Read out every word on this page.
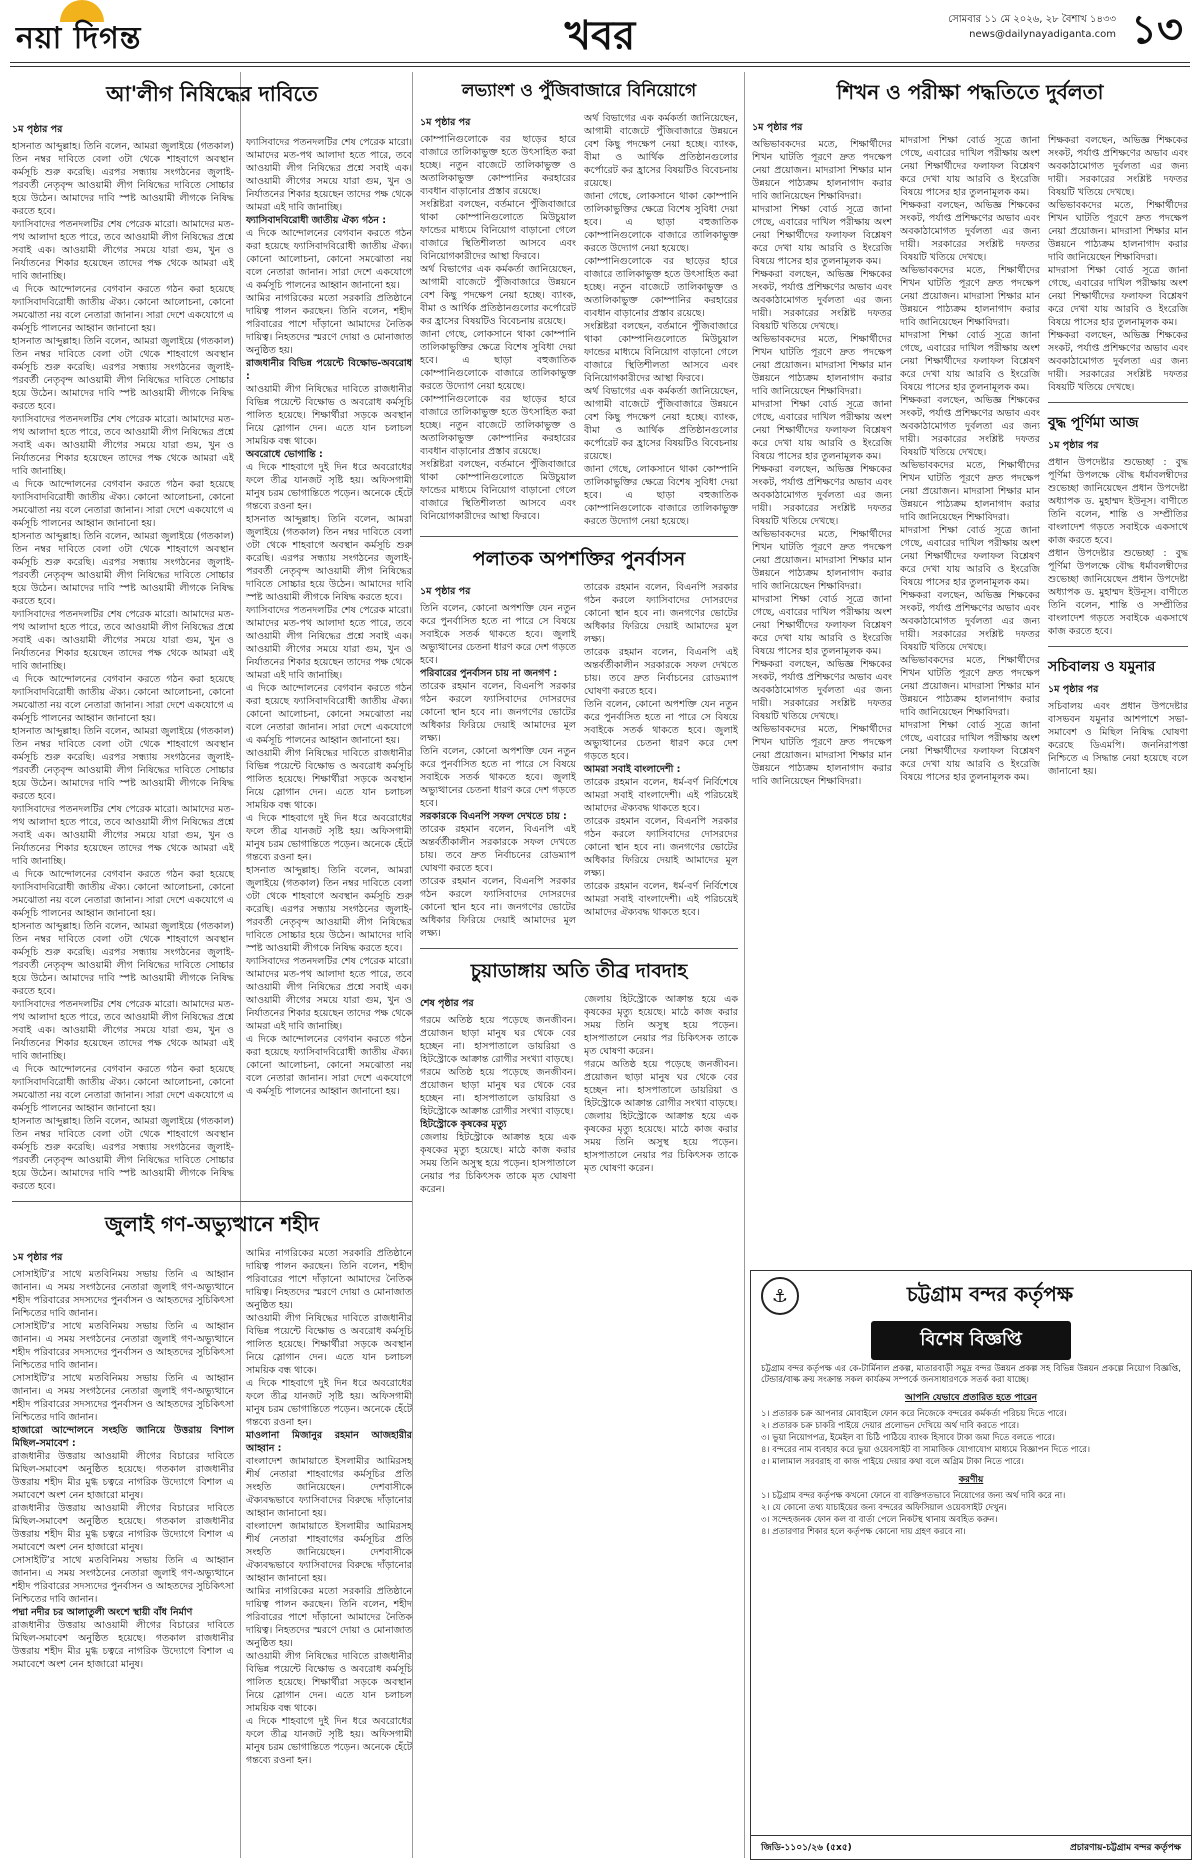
নয়া দিগন্ত	খবর	সোমবার ১১ মে ২০২৬, ২৮ বৈশাখ ১৪৩৩
news@dailynayadiganta.com ১৩
আ'লীগ নিষিদ্ধের দাবিতে
১ম পৃষ্ঠার পর

হাসনাত আব্দুল্লাহ। তিনি বলেন, আমরা জুলাইয়ে (গতকাল) তিন নম্বর দাবিতে বেলা ৩টা থেকে শাহবাগে অবস্থান কর্মসূচি শুরু করেছি। এরপর সন্ধ্যায় সংগঠনের জুলাই-পরবর্তী নেতৃবৃন্দ আওয়ামী লীগ নিষিদ্ধের দাবিতে সোচ্চার হয়ে উঠেন। আমাদের দাবি স্পষ্ট আওয়ামী লীগকে নিষিদ্ধ করতে হবে।

ফ্যাসিবাদের পতনদলটির শেষ পেরেক মারো। আমাদের মত-পথ আলাদা হতে পারে, তবে আওয়ামী লীগ নিষিদ্ধের প্রশ্নে সবাই এক। আওয়ামী লীগের সময়ে যারা গুম, খুন ও নির্যাতনের শিকার হয়েছেন তাদের পক্ষ থেকে আমরা এই দাবি জানাচ্ছি।

এ দিকে আন্দোলনের বেগবান করতে গঠন করা হয়েছে ফ্যাসিবাদবিরোধী জাতীয় ঐক্য। কোনো আলোচনা, কোনো সমঝোতা নয় বলে নেতারা জানান। সারা দেশে একযোগে এ কর্মসূচি পালনের আহ্বান জানানো হয়।

হাসনাত আব্দুল্লাহ। তিনি বলেন, আমরা জুলাইয়ে (গতকাল) তিন নম্বর দাবিতে বেলা ৩টা থেকে শাহবাগে অবস্থান কর্মসূচি শুরু করেছি। এরপর সন্ধ্যায় সংগঠনের জুলাই-পরবর্তী নেতৃবৃন্দ আওয়ামী লীগ নিষিদ্ধের দাবিতে সোচ্চার হয়ে উঠেন। আমাদের দাবি স্পষ্ট আওয়ামী লীগকে নিষিদ্ধ করতে হবে।

ফ্যাসিবাদের পতনদলটির শেষ পেরেক মারো। আমাদের মত-পথ আলাদা হতে পারে, তবে আওয়ামী লীগ নিষিদ্ধের প্রশ্নে সবাই এক। আওয়ামী লীগের সময়ে যারা গুম, খুন ও নির্যাতনের শিকার হয়েছেন তাদের পক্ষ থেকে আমরা এই দাবি জানাচ্ছি।

এ দিকে আন্দোলনের বেগবান করতে গঠন করা হয়েছে ফ্যাসিবাদবিরোধী জাতীয় ঐক্য। কোনো আলোচনা, কোনো সমঝোতা নয় বলে নেতারা জানান। সারা দেশে একযোগে এ কর্মসূচি পালনের আহ্বান জানানো হয়।

হাসনাত আব্দুল্লাহ। তিনি বলেন, আমরা জুলাইয়ে (গতকাল) তিন নম্বর দাবিতে বেলা ৩টা থেকে শাহবাগে অবস্থান কর্মসূচি শুরু করেছি। এরপর সন্ধ্যায় সংগঠনের জুলাই-পরবর্তী নেতৃবৃন্দ আওয়ামী লীগ নিষিদ্ধের দাবিতে সোচ্চার হয়ে উঠেন। আমাদের দাবি স্পষ্ট আওয়ামী লীগকে নিষিদ্ধ করতে হবে।

ফ্যাসিবাদের পতনদলটির শেষ পেরেক মারো। আমাদের মত-পথ আলাদা হতে পারে, তবে আওয়ামী লীগ নিষিদ্ধের প্রশ্নে সবাই এক। আওয়ামী লীগের সময়ে যারা গুম, খুন ও নির্যাতনের শিকার হয়েছেন তাদের পক্ষ থেকে আমরা এই দাবি জানাচ্ছি।

এ দিকে আন্দোলনের বেগবান করতে গঠন করা হয়েছে ফ্যাসিবাদবিরোধী জাতীয় ঐক্য। কোনো আলোচনা, কোনো সমঝোতা নয় বলে নেতারা জানান। সারা দেশে একযোগে এ কর্মসূচি পালনের আহ্বান জানানো হয়।

হাসনাত আব্দুল্লাহ। তিনি বলেন, আমরা জুলাইয়ে (গতকাল) তিন নম্বর দাবিতে বেলা ৩টা থেকে শাহবাগে অবস্থান কর্মসূচি শুরু করেছি। এরপর সন্ধ্যায় সংগঠনের জুলাই-পরবর্তী নেতৃবৃন্দ আওয়ামী লীগ নিষিদ্ধের দাবিতে সোচ্চার হয়ে উঠেন। আমাদের দাবি স্পষ্ট আওয়ামী লীগকে নিষিদ্ধ করতে হবে।

ফ্যাসিবাদের পতনদলটির শেষ পেরেক মারো। আমাদের মত-পথ আলাদা হতে পারে, তবে আওয়ামী লীগ নিষিদ্ধের প্রশ্নে সবাই এক। আওয়ামী লীগের সময়ে যারা গুম, খুন ও নির্যাতনের শিকার হয়েছেন তাদের পক্ষ থেকে আমরা এই দাবি জানাচ্ছি।

এ দিকে আন্দোলনের বেগবান করতে গঠন করা হয়েছে ফ্যাসিবাদবিরোধী জাতীয় ঐক্য। কোনো আলোচনা, কোনো সমঝোতা নয় বলে নেতারা জানান। সারা দেশে একযোগে এ কর্মসূচি পালনের আহ্বান জানানো হয়।

হাসনাত আব্দুল্লাহ। তিনি বলেন, আমরা জুলাইয়ে (গতকাল) তিন নম্বর দাবিতে বেলা ৩টা থেকে শাহবাগে অবস্থান কর্মসূচি শুরু করেছি। এরপর সন্ধ্যায় সংগঠনের জুলাই-পরবর্তী নেতৃবৃন্দ আওয়ামী লীগ নিষিদ্ধের দাবিতে সোচ্চার হয়ে উঠেন। আমাদের দাবি স্পষ্ট আওয়ামী লীগকে নিষিদ্ধ করতে হবে।

ফ্যাসিবাদের পতনদলটির শেষ পেরেক মারো। আমাদের মত-পথ আলাদা হতে পারে, তবে আওয়ামী লীগ নিষিদ্ধের প্রশ্নে সবাই এক। আওয়ামী লীগের সময়ে যারা গুম, খুন ও নির্যাতনের শিকার হয়েছেন তাদের পক্ষ থেকে আমরা এই দাবি জানাচ্ছি।

এ দিকে আন্দোলনের বেগবান করতে গঠন করা হয়েছে ফ্যাসিবাদবিরোধী জাতীয় ঐক্য। কোনো আলোচনা, কোনো সমঝোতা নয় বলে নেতারা জানান। সারা দেশে একযোগে এ কর্মসূচি পালনের আহ্বান জানানো হয়।

হাসনাত আব্দুল্লাহ। তিনি বলেন, আমরা জুলাইয়ে (গতকাল) তিন নম্বর দাবিতে বেলা ৩টা থেকে শাহবাগে অবস্থান কর্মসূচি শুরু করেছি। এরপর সন্ধ্যায় সংগঠনের জুলাই-পরবর্তী নেতৃবৃন্দ আওয়ামী লীগ নিষিদ্ধের দাবিতে সোচ্চার হয়ে উঠেন। আমাদের দাবি স্পষ্ট আওয়ামী লীগকে নিষিদ্ধ করতে হবে।

ফ্যাসিবাদের পতনদলটির শেষ পেরেক মারো। আমাদের মত-পথ আলাদা হতে পারে, তবে আওয়ামী লীগ নিষিদ্ধের প্রশ্নে সবাই এক। আওয়ামী লীগের সময়ে যারা গুম, খুন ও নির্যাতনের শিকার হয়েছেন তাদের পক্ষ থেকে আমরা এই দাবি জানাচ্ছি।

ফ্যাসিবাদবিরোধী জাতীয় ঐক্য গঠন :

এ দিকে আন্দোলনের বেগবান করতে গঠন করা হয়েছে ফ্যাসিবাদবিরোধী জাতীয় ঐক্য। কোনো আলোচনা, কোনো সমঝোতা নয় বলে নেতারা জানান। সারা দেশে একযোগে এ কর্মসূচি পালনের আহ্বান জানানো হয়।

আমির নাগরিকের মতো সরকারি প্রতিষ্ঠানে দায়িত্ব পালন করছেন। তিনি বলেন, শহীদ পরিবারের পাশে দাঁড়ানো আমাদের নৈতিক দায়িত্ব। নিহতদের স্মরণে দোয়া ও মোনাজাত অনুষ্ঠিত হয়।

রাজধানীর বিভিন্ন পয়েন্টে বিক্ষোভ-অবরোধ :

আওয়ামী লীগ নিষিদ্ধের দাবিতে রাজধানীর বিভিন্ন পয়েন্টে বিক্ষোভ ও অবরোধ কর্মসূচি পালিত হয়েছে। শিক্ষার্থীরা সড়কে অবস্থান নিয়ে স্লোগান দেন। এতে যান চলাচল সাময়িক বন্ধ থাকে।

অবরোধে ভোগান্তি :

এ দিকে শাহবাগে দুই দিন ধরে অবরোধের ফলে তীব্র যানজট সৃষ্টি হয়। অফিসগামী মানুষ চরম ভোগান্তিতে পড়েন। অনেকে হেঁটে গন্তব্যে রওনা হন।

হাসনাত আব্দুল্লাহ। তিনি বলেন, আমরা জুলাইয়ে (গতকাল) তিন নম্বর দাবিতে বেলা ৩টা থেকে শাহবাগে অবস্থান কর্মসূচি শুরু করেছি। এরপর সন্ধ্যায় সংগঠনের জুলাই-পরবর্তী নেতৃবৃন্দ আওয়ামী লীগ নিষিদ্ধের দাবিতে সোচ্চার হয়ে উঠেন। আমাদের দাবি স্পষ্ট আওয়ামী লীগকে নিষিদ্ধ করতে হবে।

ফ্যাসিবাদের পতনদলটির শেষ পেরেক মারো। আমাদের মত-পথ আলাদা হতে পারে, তবে আওয়ামী লীগ নিষিদ্ধের প্রশ্নে সবাই এক। আওয়ামী লীগের সময়ে যারা গুম, খুন ও নির্যাতনের শিকার হয়েছেন তাদের পক্ষ থেকে আমরা এই দাবি জানাচ্ছি।

এ দিকে আন্দোলনের বেগবান করতে গঠন করা হয়েছে ফ্যাসিবাদবিরোধী জাতীয় ঐক্য। কোনো আলোচনা, কোনো সমঝোতা নয় বলে নেতারা জানান। সারা দেশে একযোগে এ কর্মসূচি পালনের আহ্বান জানানো হয়।

আওয়ামী লীগ নিষিদ্ধের দাবিতে রাজধানীর বিভিন্ন পয়েন্টে বিক্ষোভ ও অবরোধ কর্মসূচি পালিত হয়েছে। শিক্ষার্থীরা সড়কে অবস্থান নিয়ে স্লোগান দেন। এতে যান চলাচল সাময়িক বন্ধ থাকে।

এ দিকে শাহবাগে দুই দিন ধরে অবরোধের ফলে তীব্র যানজট সৃষ্টি হয়। অফিসগামী মানুষ চরম ভোগান্তিতে পড়েন। অনেকে হেঁটে গন্তব্যে রওনা হন।

হাসনাত আব্দুল্লাহ। তিনি বলেন, আমরা জুলাইয়ে (গতকাল) তিন নম্বর দাবিতে বেলা ৩টা থেকে শাহবাগে অবস্থান কর্মসূচি শুরু করেছি। এরপর সন্ধ্যায় সংগঠনের জুলাই-পরবর্তী নেতৃবৃন্দ আওয়ামী লীগ নিষিদ্ধের দাবিতে সোচ্চার হয়ে উঠেন। আমাদের দাবি স্পষ্ট আওয়ামী লীগকে নিষিদ্ধ করতে হবে।

ফ্যাসিবাদের পতনদলটির শেষ পেরেক মারো। আমাদের মত-পথ আলাদা হতে পারে, তবে আওয়ামী লীগ নিষিদ্ধের প্রশ্নে সবাই এক। আওয়ামী লীগের সময়ে যারা গুম, খুন ও নির্যাতনের শিকার হয়েছেন তাদের পক্ষ থেকে আমরা এই দাবি জানাচ্ছি।

এ দিকে আন্দোলনের বেগবান করতে গঠন করা হয়েছে ফ্যাসিবাদবিরোধী জাতীয় ঐক্য। কোনো আলোচনা, কোনো সমঝোতা নয় বলে নেতারা জানান। সারা দেশে একযোগে এ কর্মসূচি পালনের আহ্বান জানানো হয়।

জুলাই গণ-অভ্যুত্থানে শহীদ
১ম পৃষ্ঠার পর

সোসাইটি’র সাথে মতবিনিময় সভায় তিনি এ আহ্বান জানান। এ সময় সংগঠনের নেতারা জুলাই গণ-অভ্যুত্থানে শহীদ পরিবারের সদস্যদের পুনর্বাসন ও আহতদের সুচিকিৎসা নিশ্চিতের দাবি জানান।

সোসাইটি’র সাথে মতবিনিময় সভায় তিনি এ আহ্বান জানান। এ সময় সংগঠনের নেতারা জুলাই গণ-অভ্যুত্থানে শহীদ পরিবারের সদস্যদের পুনর্বাসন ও আহতদের সুচিকিৎসা নিশ্চিতের দাবি জানান।

সোসাইটি’র সাথে মতবিনিময় সভায় তিনি এ আহ্বান জানান। এ সময় সংগঠনের নেতারা জুলাই গণ-অভ্যুত্থানে শহীদ পরিবারের সদস্যদের পুনর্বাসন ও আহতদের সুচিকিৎসা নিশ্চিতের দাবি জানান।

হাজারো আন্দোলনে সংহতি জানিয়ে উত্তরায় বিশাল মিছিল-সমাবেশ :

রাজধানীর উত্তরায় আওয়ামী লীগের বিচারের দাবিতে মিছিল-সমাবেশ অনুষ্ঠিত হয়েছে। গতকাল রাজধানীর উত্তরায় শহীদ মীর মুগ্ধ চত্বরে নাগরিক উদ্যোগে বিশাল এ সমাবেশে অংশ নেন হাজারো মানুষ।

রাজধানীর উত্তরায় আওয়ামী লীগের বিচারের দাবিতে মিছিল-সমাবেশ অনুষ্ঠিত হয়েছে। গতকাল রাজধানীর উত্তরায় শহীদ মীর মুগ্ধ চত্বরে নাগরিক উদ্যোগে বিশাল এ সমাবেশে অংশ নেন হাজারো মানুষ।

সোসাইটি’র সাথে মতবিনিময় সভায় তিনি এ আহ্বান জানান। এ সময় সংগঠনের নেতারা জুলাই গণ-অভ্যুত্থানে শহীদ পরিবারের সদস্যদের পুনর্বাসন ও আহতদের সুচিকিৎসা নিশ্চিতের দাবি জানান।

পদ্মা নদীর চর আলাতুলী অংশে স্থায়ী বাঁধ নির্মাণ

রাজধানীর উত্তরায় আওয়ামী লীগের বিচারের দাবিতে মিছিল-সমাবেশ অনুষ্ঠিত হয়েছে। গতকাল রাজধানীর উত্তরায় শহীদ মীর মুগ্ধ চত্বরে নাগরিক উদ্যোগে বিশাল এ সমাবেশে অংশ নেন হাজারো মানুষ।

আমির নাগরিকের মতো সরকারি প্রতিষ্ঠানে দায়িত্ব পালন করছেন। তিনি বলেন, শহীদ পরিবারের পাশে দাঁড়ানো আমাদের নৈতিক দায়িত্ব। নিহতদের স্মরণে দোয়া ও মোনাজাত অনুষ্ঠিত হয়।

আওয়ামী লীগ নিষিদ্ধের দাবিতে রাজধানীর বিভিন্ন পয়েন্টে বিক্ষোভ ও অবরোধ কর্মসূচি পালিত হয়েছে। শিক্ষার্থীরা সড়কে অবস্থান নিয়ে স্লোগান দেন। এতে যান চলাচল সাময়িক বন্ধ থাকে।

এ দিকে শাহবাগে দুই দিন ধরে অবরোধের ফলে তীব্র যানজট সৃষ্টি হয়। অফিসগামী মানুষ চরম ভোগান্তিতে পড়েন। অনেকে হেঁটে গন্তব্যে রওনা হন।

মাওলানা মিজানুর রহমান আজহারীর আহ্বান :

বাংলাদেশ জামায়াতে ইসলামীর আমিরসহ শীর্ষ নেতারা শাহবাগের কর্মসূচির প্রতি সংহতি জানিয়েছেন। দেশবাসীকে ঐক্যবদ্ধভাবে ফ্যাসিবাদের বিরুদ্ধে দাঁড়ানোর আহ্বান জানানো হয়।

বাংলাদেশ জামায়াতে ইসলামীর আমিরসহ শীর্ষ নেতারা শাহবাগের কর্মসূচির প্রতি সংহতি জানিয়েছেন। দেশবাসীকে ঐক্যবদ্ধভাবে ফ্যাসিবাদের বিরুদ্ধে দাঁড়ানোর আহ্বান জানানো হয়।

আমির নাগরিকের মতো সরকারি প্রতিষ্ঠানে দায়িত্ব পালন করছেন। তিনি বলেন, শহীদ পরিবারের পাশে দাঁড়ানো আমাদের নৈতিক দায়িত্ব। নিহতদের স্মরণে দোয়া ও মোনাজাত অনুষ্ঠিত হয়।

আওয়ামী লীগ নিষিদ্ধের দাবিতে রাজধানীর বিভিন্ন পয়েন্টে বিক্ষোভ ও অবরোধ কর্মসূচি পালিত হয়েছে। শিক্ষার্থীরা সড়কে অবস্থান নিয়ে স্লোগান দেন। এতে যান চলাচল সাময়িক বন্ধ থাকে।

এ দিকে শাহবাগে দুই দিন ধরে অবরোধের ফলে তীব্র যানজট সৃষ্টি হয়। অফিসগামী মানুষ চরম ভোগান্তিতে পড়েন। অনেকে হেঁটে গন্তব্যে রওনা হন।

লভ্যাংশ ও পুঁজিবাজারে বিনিয়োগে
১ম পৃষ্ঠার পর

কোম্পানিগুলোকে বর ছাড়ের হারে বাজারে তালিকাভুক্ত হতে উৎসাহিত করা হচ্ছে। নতুন বাজেটে তালিকাভুক্ত ও অতালিকাভুক্ত কোম্পানির করহারের ব্যবধান বাড়ানোর প্রস্তাব রয়েছে।

সংশ্লিষ্টরা বলছেন, বর্তমানে পুঁজিবাজারে থাকা কোম্পানিগুলোতে মিউচুয়াল ফান্ডের মাধ্যমে বিনিয়োগ বাড়ানো গেলে বাজারে স্থিতিশীলতা আসবে এবং বিনিয়োগকারীদের আস্থা ফিরবে।

অর্থ বিভাগের এক কর্মকর্তা জানিয়েছেন, আগামী বাজেটে পুঁজিবাজারে উন্নয়নে বেশ কিছু পদক্ষেপ নেয়া হচ্ছে। ব্যাংক, বীমা ও আর্থিক প্রতিষ্ঠানগুলোর কর্পোরেট কর হ্রাসের বিষয়টিও বিবেচনায় রয়েছে।

জানা গেছে, লোকসানে থাকা কোম্পানি তালিকাভুক্তির ক্ষেত্রে বিশেষ সুবিধা দেয়া হবে। এ ছাড়া বহুজাতিক কোম্পানিগুলোকে বাজারে তালিকাভুক্ত করতে উদ্যোগ নেয়া হয়েছে।

কোম্পানিগুলোকে বর ছাড়ের হারে বাজারে তালিকাভুক্ত হতে উৎসাহিত করা হচ্ছে। নতুন বাজেটে তালিকাভুক্ত ও অতালিকাভুক্ত কোম্পানির করহারের ব্যবধান বাড়ানোর প্রস্তাব রয়েছে।

সংশ্লিষ্টরা বলছেন, বর্তমানে পুঁজিবাজারে থাকা কোম্পানিগুলোতে মিউচুয়াল ফান্ডের মাধ্যমে বিনিয়োগ বাড়ানো গেলে বাজারে স্থিতিশীলতা আসবে এবং বিনিয়োগকারীদের আস্থা ফিরবে।

অর্থ বিভাগের এক কর্মকর্তা জানিয়েছেন, আগামী বাজেটে পুঁজিবাজারে উন্নয়নে বেশ কিছু পদক্ষেপ নেয়া হচ্ছে। ব্যাংক, বীমা ও আর্থিক প্রতিষ্ঠানগুলোর কর্পোরেট কর হ্রাসের বিষয়টিও বিবেচনায় রয়েছে।

জানা গেছে, লোকসানে থাকা কোম্পানি তালিকাভুক্তির ক্ষেত্রে বিশেষ সুবিধা দেয়া হবে। এ ছাড়া বহুজাতিক কোম্পানিগুলোকে বাজারে তালিকাভুক্ত করতে উদ্যোগ নেয়া হয়েছে।

কোম্পানিগুলোকে বর ছাড়ের হারে বাজারে তালিকাভুক্ত হতে উৎসাহিত করা হচ্ছে। নতুন বাজেটে তালিকাভুক্ত ও অতালিকাভুক্ত কোম্পানির করহারের ব্যবধান বাড়ানোর প্রস্তাব রয়েছে।

সংশ্লিষ্টরা বলছেন, বর্তমানে পুঁজিবাজারে থাকা কোম্পানিগুলোতে মিউচুয়াল ফান্ডের মাধ্যমে বিনিয়োগ বাড়ানো গেলে বাজারে স্থিতিশীলতা আসবে এবং বিনিয়োগকারীদের আস্থা ফিরবে।

অর্থ বিভাগের এক কর্মকর্তা জানিয়েছেন, আগামী বাজেটে পুঁজিবাজারে উন্নয়নে বেশ কিছু পদক্ষেপ নেয়া হচ্ছে। ব্যাংক, বীমা ও আর্থিক প্রতিষ্ঠানগুলোর কর্পোরেট কর হ্রাসের বিষয়টিও বিবেচনায় রয়েছে।

জানা গেছে, লোকসানে থাকা কোম্পানি তালিকাভুক্তির ক্ষেত্রে বিশেষ সুবিধা দেয়া হবে। এ ছাড়া বহুজাতিক কোম্পানিগুলোকে বাজারে তালিকাভুক্ত করতে উদ্যোগ নেয়া হয়েছে।

পলাতক অপশক্তির পুনর্বাসন
১ম পৃষ্ঠার পর

তিনি বলেন, কোনো অপশক্তি যেন নতুন করে পুনর্বাসিত হতে না পারে সে বিষয়ে সবাইকে সতর্ক থাকতে হবে। জুলাই অভ্যুত্থানের চেতনা ধারণ করে দেশ গড়তে হবে।

পরিবারের পুনর্বাসন চায় না জনগণ :

তারেক রহমান বলেন, বিএনপি সরকার গঠন করলে ফ্যাসিবাদের দোসরদের কোনো স্থান হবে না। জনগণের ভোটের অধিকার ফিরিয়ে দেয়াই আমাদের মূল লক্ষ্য।

তিনি বলেন, কোনো অপশক্তি যেন নতুন করে পুনর্বাসিত হতে না পারে সে বিষয়ে সবাইকে সতর্ক থাকতে হবে। জুলাই অভ্যুত্থানের চেতনা ধারণ করে দেশ গড়তে হবে।

সরকারকে বিএনপি সফল দেখতে চায় :

তারেক রহমান বলেন, বিএনপি এই অন্তর্বর্তীকালীন সরকারকে সফল দেখতে চায়। তবে দ্রুত নির্বাচনের রোডম্যাপ ঘোষণা করতে হবে।

তারেক রহমান বলেন, বিএনপি সরকার গঠন করলে ফ্যাসিবাদের দোসরদের কোনো স্থান হবে না। জনগণের ভোটের অধিকার ফিরিয়ে দেয়াই আমাদের মূল লক্ষ্য।

তারেক রহমান বলেন, বিএনপি সরকার গঠন করলে ফ্যাসিবাদের দোসরদের কোনো স্থান হবে না। জনগণের ভোটের অধিকার ফিরিয়ে দেয়াই আমাদের মূল লক্ষ্য।

তারেক রহমান বলেন, বিএনপি এই অন্তর্বর্তীকালীন সরকারকে সফল দেখতে চায়। তবে দ্রুত নির্বাচনের রোডম্যাপ ঘোষণা করতে হবে।

তিনি বলেন, কোনো অপশক্তি যেন নতুন করে পুনর্বাসিত হতে না পারে সে বিষয়ে সবাইকে সতর্ক থাকতে হবে। জুলাই অভ্যুত্থানের চেতনা ধারণ করে দেশ গড়তে হবে।

আমরা সবাই বাংলাদেশী :

তারেক রহমান বলেন, ধর্ম-বর্ণ নির্বিশেষে আমরা সবাই বাংলাদেশী। এই পরিচয়েই আমাদের ঐক্যবদ্ধ থাকতে হবে।

তারেক রহমান বলেন, বিএনপি সরকার গঠন করলে ফ্যাসিবাদের দোসরদের কোনো স্থান হবে না। জনগণের ভোটের অধিকার ফিরিয়ে দেয়াই আমাদের মূল লক্ষ্য।

তারেক রহমান বলেন, ধর্ম-বর্ণ নির্বিশেষে আমরা সবাই বাংলাদেশী। এই পরিচয়েই আমাদের ঐক্যবদ্ধ থাকতে হবে।

চুয়াডাঙ্গায় অতি তীব্র দাবদাহ
শেষ পৃষ্ঠার পর

গরমে অতিষ্ঠ হয়ে পড়েছে জনজীবন। প্রয়োজন ছাড়া মানুষ ঘর থেকে বের হচ্ছেন না। হাসপাতালে ডায়রিয়া ও হিটস্ট্রোকে আক্রান্ত রোগীর সংখ্যা বাড়ছে।

গরমে অতিষ্ঠ হয়ে পড়েছে জনজীবন। প্রয়োজন ছাড়া মানুষ ঘর থেকে বের হচ্ছেন না। হাসপাতালে ডায়রিয়া ও হিটস্ট্রোকে আক্রান্ত রোগীর সংখ্যা বাড়ছে।

হিটস্ট্রোকে কৃষকের মৃত্যু

জেলায় হিটস্ট্রোকে আক্রান্ত হয়ে এক কৃষকের মৃত্যু হয়েছে। মাঠে কাজ করার সময় তিনি অসুস্থ হয়ে পড়েন। হাসপাতালে নেয়ার পর চিকিৎসক তাকে মৃত ঘোষণা করেন।

জেলায় হিটস্ট্রোকে আক্রান্ত হয়ে এক কৃষকের মৃত্যু হয়েছে। মাঠে কাজ করার সময় তিনি অসুস্থ হয়ে পড়েন। হাসপাতালে নেয়ার পর চিকিৎসক তাকে মৃত ঘোষণা করেন।

গরমে অতিষ্ঠ হয়ে পড়েছে জনজীবন। প্রয়োজন ছাড়া মানুষ ঘর থেকে বের হচ্ছেন না। হাসপাতালে ডায়রিয়া ও হিটস্ট্রোকে আক্রান্ত রোগীর সংখ্যা বাড়ছে।

জেলায় হিটস্ট্রোকে আক্রান্ত হয়ে এক কৃষকের মৃত্যু হয়েছে। মাঠে কাজ করার সময় তিনি অসুস্থ হয়ে পড়েন। হাসপাতালে নেয়ার পর চিকিৎসক তাকে মৃত ঘোষণা করেন।

শিখন ও পরীক্ষা পদ্ধতিতে দুর্বলতা
১ম পৃষ্ঠার পর

অভিভাবকদের মতে, শিক্ষার্থীদের শিখন ঘাটতি পূরণে দ্রুত পদক্ষেপ নেয়া প্রয়োজন। মাদরাসা শিক্ষার মান উন্নয়নে পাঠ্যক্রম হালনাগাদ করার দাবি জানিয়েছেন শিক্ষাবিদরা।

মাদরাসা শিক্ষা বোর্ড সূত্রে জানা গেছে, এবারের দাখিল পরীক্ষায় অংশ নেয়া শিক্ষার্থীদের ফলাফল বিশ্লেষণ করে দেখা যায় আরবি ও ইংরেজি বিষয়ে পাসের হার তুলনামূলক কম।

শিক্ষকরা বলছেন, অভিজ্ঞ শিক্ষকের সংকট, পর্যাপ্ত প্রশিক্ষণের অভাব এবং অবকাঠামোগত দুর্বলতা এর জন্য দায়ী। সরকারের সংশ্লিষ্ট দফতর বিষয়টি খতিয়ে দেখছে।

অভিভাবকদের মতে, শিক্ষার্থীদের শিখন ঘাটতি পূরণে দ্রুত পদক্ষেপ নেয়া প্রয়োজন। মাদরাসা শিক্ষার মান উন্নয়নে পাঠ্যক্রম হালনাগাদ করার দাবি জানিয়েছেন শিক্ষাবিদরা।

মাদরাসা শিক্ষা বোর্ড সূত্রে জানা গেছে, এবারের দাখিল পরীক্ষায় অংশ নেয়া শিক্ষার্থীদের ফলাফল বিশ্লেষণ করে দেখা যায় আরবি ও ইংরেজি বিষয়ে পাসের হার তুলনামূলক কম।

শিক্ষকরা বলছেন, অভিজ্ঞ শিক্ষকের সংকট, পর্যাপ্ত প্রশিক্ষণের অভাব এবং অবকাঠামোগত দুর্বলতা এর জন্য দায়ী। সরকারের সংশ্লিষ্ট দফতর বিষয়টি খতিয়ে দেখছে।

অভিভাবকদের মতে, শিক্ষার্থীদের শিখন ঘাটতি পূরণে দ্রুত পদক্ষেপ নেয়া প্রয়োজন। মাদরাসা শিক্ষার মান উন্নয়নে পাঠ্যক্রম হালনাগাদ করার দাবি জানিয়েছেন শিক্ষাবিদরা।

মাদরাসা শিক্ষা বোর্ড সূত্রে জানা গেছে, এবারের দাখিল পরীক্ষায় অংশ নেয়া শিক্ষার্থীদের ফলাফল বিশ্লেষণ করে দেখা যায় আরবি ও ইংরেজি বিষয়ে পাসের হার তুলনামূলক কম।

শিক্ষকরা বলছেন, অভিজ্ঞ শিক্ষকের সংকট, পর্যাপ্ত প্রশিক্ষণের অভাব এবং অবকাঠামোগত দুর্বলতা এর জন্য দায়ী। সরকারের সংশ্লিষ্ট দফতর বিষয়টি খতিয়ে দেখছে।

অভিভাবকদের মতে, শিক্ষার্থীদের শিখন ঘাটতি পূরণে দ্রুত পদক্ষেপ নেয়া প্রয়োজন। মাদরাসা শিক্ষার মান উন্নয়নে পাঠ্যক্রম হালনাগাদ করার দাবি জানিয়েছেন শিক্ষাবিদরা।

মাদরাসা শিক্ষা বোর্ড সূত্রে জানা গেছে, এবারের দাখিল পরীক্ষায় অংশ নেয়া শিক্ষার্থীদের ফলাফল বিশ্লেষণ করে দেখা যায় আরবি ও ইংরেজি বিষয়ে পাসের হার তুলনামূলক কম।

শিক্ষকরা বলছেন, অভিজ্ঞ শিক্ষকের সংকট, পর্যাপ্ত প্রশিক্ষণের অভাব এবং অবকাঠামোগত দুর্বলতা এর জন্য দায়ী। সরকারের সংশ্লিষ্ট দফতর বিষয়টি খতিয়ে দেখছে।

অভিভাবকদের মতে, শিক্ষার্থীদের শিখন ঘাটতি পূরণে দ্রুত পদক্ষেপ নেয়া প্রয়োজন। মাদরাসা শিক্ষার মান উন্নয়নে পাঠ্যক্রম হালনাগাদ করার দাবি জানিয়েছেন শিক্ষাবিদরা।

মাদরাসা শিক্ষা বোর্ড সূত্রে জানা গেছে, এবারের দাখিল পরীক্ষায় অংশ নেয়া শিক্ষার্থীদের ফলাফল বিশ্লেষণ করে দেখা যায় আরবি ও ইংরেজি বিষয়ে পাসের হার তুলনামূলক কম।

শিক্ষকরা বলছেন, অভিজ্ঞ শিক্ষকের সংকট, পর্যাপ্ত প্রশিক্ষণের অভাব এবং অবকাঠামোগত দুর্বলতা এর জন্য দায়ী। সরকারের সংশ্লিষ্ট দফতর বিষয়টি খতিয়ে দেখছে।

অভিভাবকদের মতে, শিক্ষার্থীদের শিখন ঘাটতি পূরণে দ্রুত পদক্ষেপ নেয়া প্রয়োজন। মাদরাসা শিক্ষার মান উন্নয়নে পাঠ্যক্রম হালনাগাদ করার দাবি জানিয়েছেন শিক্ষাবিদরা।

মাদরাসা শিক্ষা বোর্ড সূত্রে জানা গেছে, এবারের দাখিল পরীক্ষায় অংশ নেয়া শিক্ষার্থীদের ফলাফল বিশ্লেষণ করে দেখা যায় আরবি ও ইংরেজি বিষয়ে পাসের হার তুলনামূলক কম।

শিক্ষকরা বলছেন, অভিজ্ঞ শিক্ষকের সংকট, পর্যাপ্ত প্রশিক্ষণের অভাব এবং অবকাঠামোগত দুর্বলতা এর জন্য দায়ী। সরকারের সংশ্লিষ্ট দফতর বিষয়টি খতিয়ে দেখছে।

অভিভাবকদের মতে, শিক্ষার্থীদের শিখন ঘাটতি পূরণে দ্রুত পদক্ষেপ নেয়া প্রয়োজন। মাদরাসা শিক্ষার মান উন্নয়নে পাঠ্যক্রম হালনাগাদ করার দাবি জানিয়েছেন শিক্ষাবিদরা।

মাদরাসা শিক্ষা বোর্ড সূত্রে জানা গেছে, এবারের দাখিল পরীক্ষায় অংশ নেয়া শিক্ষার্থীদের ফলাফল বিশ্লেষণ করে দেখা যায় আরবি ও ইংরেজি বিষয়ে পাসের হার তুলনামূলক কম।

শিক্ষকরা বলছেন, অভিজ্ঞ শিক্ষকের সংকট, পর্যাপ্ত প্রশিক্ষণের অভাব এবং অবকাঠামোগত দুর্বলতা এর জন্য দায়ী। সরকারের সংশ্লিষ্ট দফতর বিষয়টি খতিয়ে দেখছে।

অভিভাবকদের মতে, শিক্ষার্থীদের শিখন ঘাটতি পূরণে দ্রুত পদক্ষেপ নেয়া প্রয়োজন। মাদরাসা শিক্ষার মান উন্নয়নে পাঠ্যক্রম হালনাগাদ করার দাবি জানিয়েছেন শিক্ষাবিদরা।

মাদরাসা শিক্ষা বোর্ড সূত্রে জানা গেছে, এবারের দাখিল পরীক্ষায় অংশ নেয়া শিক্ষার্থীদের ফলাফল বিশ্লেষণ করে দেখা যায় আরবি ও ইংরেজি বিষয়ে পাসের হার তুলনামূলক কম।

শিক্ষকরা বলছেন, অভিজ্ঞ শিক্ষকের সংকট, পর্যাপ্ত প্রশিক্ষণের অভাব এবং অবকাঠামোগত দুর্বলতা এর জন্য দায়ী। সরকারের সংশ্লিষ্ট দফতর বিষয়টি খতিয়ে দেখছে।

বুদ্ধ পূর্ণিমা আজ
১ম পৃষ্ঠার পর

প্রধান উপদেষ্টার শুভেচ্ছা : বুদ্ধ পূর্ণিমা উপলক্ষে বৌদ্ধ ধর্মাবলম্বীদের শুভেচ্ছা জানিয়েছেন প্রধান উপদেষ্টা অধ্যাপক ড. মুহাম্মদ ইউনূস। বাণীতে তিনি বলেন, শান্তি ও সম্প্রীতির বাংলাদেশ গড়তে সবাইকে একসাথে কাজ করতে হবে।

প্রধান উপদেষ্টার শুভেচ্ছা : বুদ্ধ পূর্ণিমা উপলক্ষে বৌদ্ধ ধর্মাবলম্বীদের শুভেচ্ছা জানিয়েছেন প্রধান উপদেষ্টা অধ্যাপক ড. মুহাম্মদ ইউনূস। বাণীতে তিনি বলেন, শান্তি ও সম্প্রীতির বাংলাদেশ গড়তে সবাইকে একসাথে কাজ করতে হবে।

সচিবালয় ও যমুনার
১ম পৃষ্ঠার পর

সচিবালয় এবং প্রধান উপদেষ্টার বাসভবন যমুনার আশপাশে সভা-সমাবেশ ও মিছিল নিষিদ্ধ ঘোষণা করেছে ডিএমপি। জননিরাপত্তা নিশ্চিতে এ সিদ্ধান্ত নেয়া হয়েছে বলে জানানো হয়।

⚓	চট্টগ্রাম বন্দর কর্তৃপক্ষ
বিশেষ বিজ্ঞপ্তি

চট্টগ্রাম বন্দর কর্তৃপক্ষ এর কে-টার্মিনাল প্রকল্প, মাতারবাড়ী সমুদ্র বন্দর উন্নয়ন প্রকল্প সহ বিভিন্ন উন্নয়ন প্রকল্পে নিয়োগ বিজ্ঞপ্তি, টেন্ডার/বাল্ক ক্রয় সংক্রান্ত সকল কার্যক্রম সম্পর্কে জনসাধারণকে সতর্ক করা যাচ্ছে।

আপনি যেভাবে প্রতারিত হতে পারেন
১। প্রতারক চক্র আপনার মোবাইলে ফোন করে নিজেকে বন্দরের কর্মকর্তা পরিচয় দিতে পারে।
২। প্রতারক চক্র চাকরি পাইয়ে দেয়ার প্রলোভন দেখিয়ে অর্থ দাবি করতে পারে।
৩। ভুয়া নিয়োগপত্র, ইমেইল বা চিঠি পাঠিয়ে ব্যাংক হিসাবে টাকা জমা দিতে বলতে পারে।
৪। বন্দরের নাম ব্যবহার করে ভুয়া ওয়েবসাইট বা সামাজিক যোগাযোগ মাধ্যমে বিজ্ঞাপন দিতে পারে।
৫। মালামাল সরবরাহ বা কাজ পাইয়ে দেয়ার কথা বলে অগ্রিম টাকা নিতে পারে।
করণীয়
১। চট্টগ্রাম বন্দর কর্তৃপক্ষ কখনো ফোনে বা ব্যক্তিগতভাবে নিয়োগের জন্য অর্থ দাবি করে না।
২। যে কোনো তথ্য যাচাইয়ের জন্য বন্দরের অফিসিয়াল ওয়েবসাইট দেখুন।
৩। সন্দেহজনক ফোন কল বা বার্তা পেলে নিকটস্থ থানায় অবহিত করুন।
৪। প্রতারণার শিকার হলে কর্তৃপক্ষ কোনো দায় গ্রহণ করবে না।
জিডি-১১০১/২৬ (৫x৫)	প্রচারণায়-চট্টগ্রাম বন্দর কর্তৃপক্ষ
